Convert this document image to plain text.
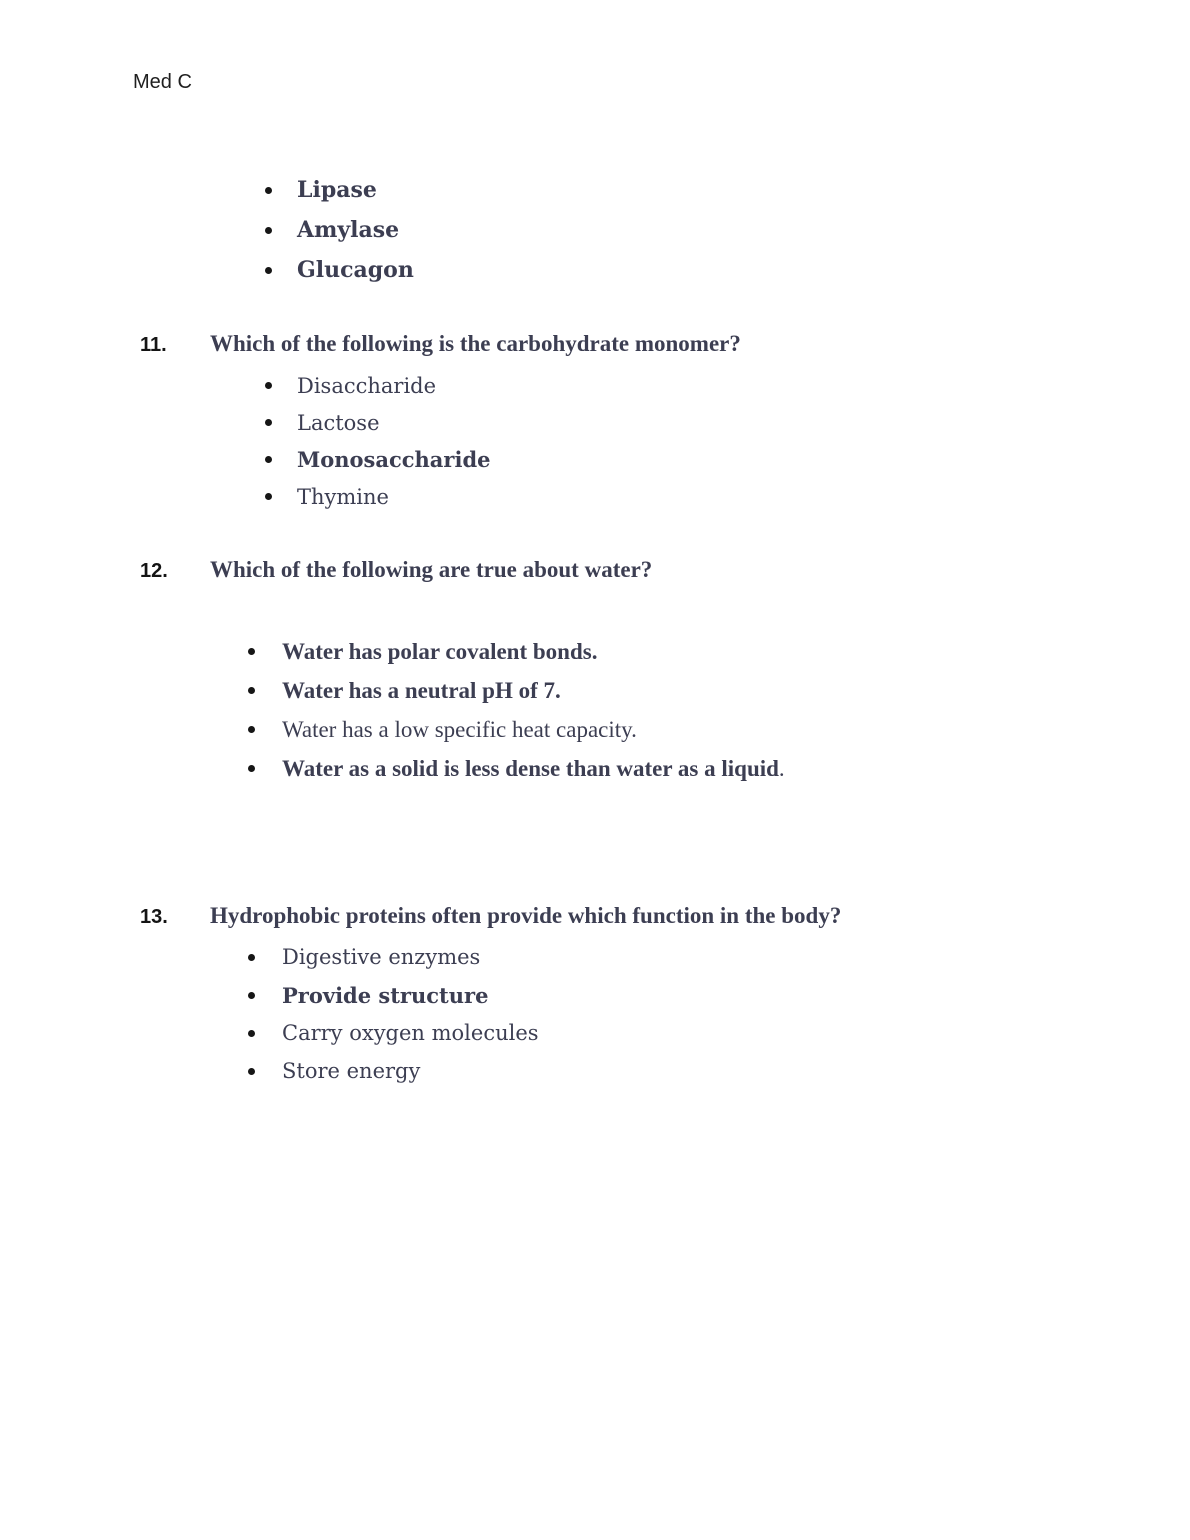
Med C
Lipase
Amylase
Glucagon
11.	Which of the following is the carbohydrate monomer?
Disaccharide
Lactose
Monosaccharide
Thymine
12.	Which of the following are true about water?
Water has polar covalent bonds.
Water has a neutral pH of 7.
Water has a low specific heat capacity.
Water as a solid is less dense than water as a liquid .
13.	Hydrophobic proteins often provide which function in the body?
Digestive enzymes
Provide structure
Carry oxygen molecules
Store energy
